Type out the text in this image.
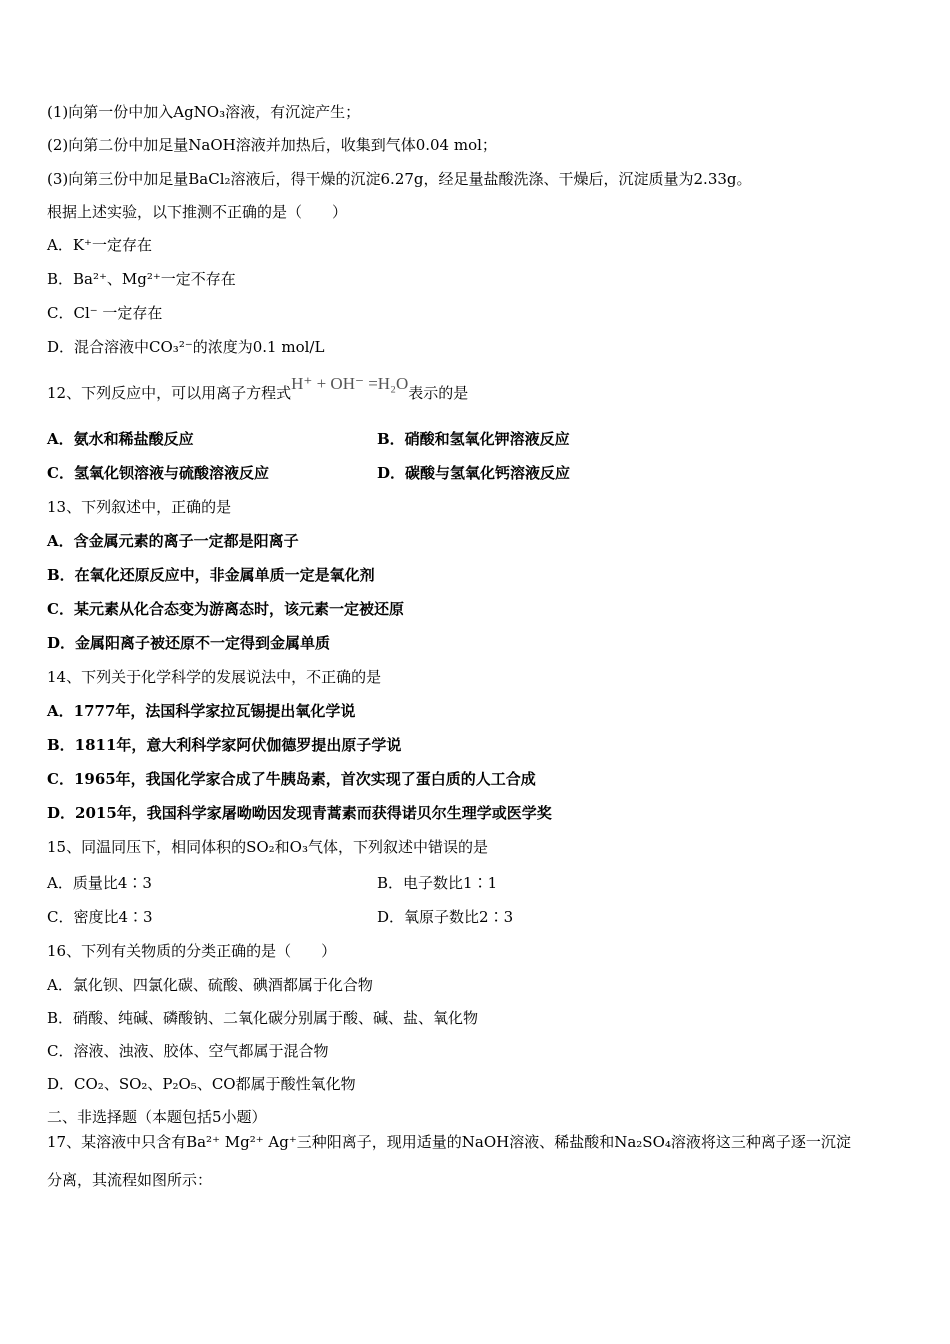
(1)向第一份中加入AgNO₃溶液，有沉淀产生；
(2)向第二份中加足量NaOH溶液并加热后，收集到气体0.04 mol；
(3)向第三份中加足量BaCl₂溶液后，得干燥的沉淀6.27g，经足量盐酸洗涤、干燥后，沉淀质量为2.33g。
根据上述实验，以下推测不正确的是（　　）
A．K⁺一定存在
B．Ba²⁺、Mg²⁺一定不存在
C．Cl⁻ 一定存在
D．混合溶液中CO₃²⁻的浓度为0.1 mol/L
12、下列反应中，可以用离子方程式H⁺ + OH⁻ =H₂O表示的是
A．氨水和稀盐酸反应	B．硝酸和氢氧化钾溶液反应
C．氢氧化钡溶液与硫酸溶液反应	D．碳酸与氢氧化钙溶液反应
13、下列叙述中，正确的是
A．含金属元素的离子一定都是阳离子
B．在氧化还原反应中，非金属单质一定是氧化剂
C．某元素从化合态变为游离态时，该元素一定被还原
D．金属阳离子被还原不一定得到金属单质
14、下列关于化学科学的发展说法中，不正确的是
A．1777年，法国科学家拉瓦锡提出氧化学说
B．1811年，意大利科学家阿伏伽德罗提出原子学说
C．1965年，我国化学家合成了牛胰岛素，首次实现了蛋白质的人工合成
D．2015年，我国科学家屠呦呦因发现青蒿素而获得诺贝尔生理学或医学奖
15、同温同压下，相同体积的SO₂和O₃气体，下列叙述中错误的是
A．质量比4∶3	B．电子数比1∶1
C．密度比4∶3	D．氧原子数比2∶3
16、下列有关物质的分类正确的是（　　）
A．氯化钡、四氯化碳、硫酸、碘酒都属于化合物
B．硝酸、纯碱、磷酸钠、二氧化碳分别属于酸、碱、盐、氧化物
C．溶液、浊液、胶体、空气都属于混合物
D．CO₂、SO₂、P₂O₅、CO都属于酸性氧化物
二、非选择题（本题包括5小题）
17、某溶液中只含有Ba²⁺ Mg²⁺ Ag⁺三种阳离子，现用适量的NaOH溶液、稀盐酸和Na₂SO₄溶液将这三种离子逐一沉淀
分离，其流程如图所示：
